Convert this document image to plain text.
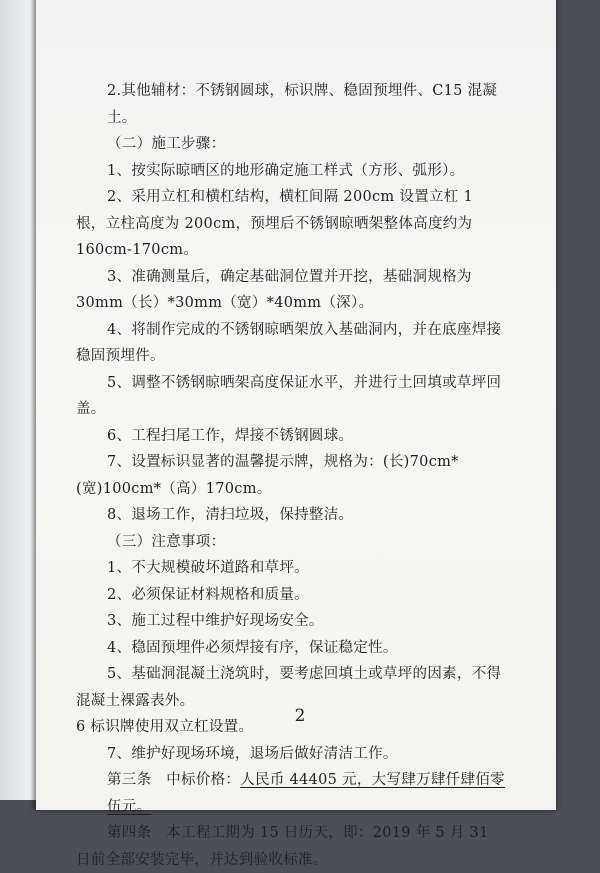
2.其他辅材：不锈钢圆球，标识牌、稳固预埋件、C15 混凝土。

（二）施工步骤：

1、按实际晾晒区的地形确定施工样式（方形、弧形）。

2、采用立杠和横杠结构，横杠间隔 200cm 设置立杠 1 根，立柱高度为 200cm，预埋后不锈钢晾晒架整体高度约为 160cm-170cm。

3、准确测量后，确定基础洞位置并开挖，基础洞规格为 30mm（长）*30mm（宽）*40mm（深）。

4、将制作完成的不锈钢晾晒架放入基础洞内，并在底座焊接稳固预埋件。

5、调整不锈钢晾晒架高度保证水平，并进行土回填或草坪回盖。

6、工程扫尾工作，焊接不锈钢圆球。

7、设置标识显著的温馨提示牌，规格为：(长)70cm*(宽)100cm*（高）170cm。

8、退场工作，清扫垃圾，保持整洁。

（三）注意事项：

1、不大规模破坏道路和草坪。

2、必须保证材料规格和质量。

3、施工过程中维护好现场安全。

4、稳固预埋件必须焊接有序，保证稳定性。

5、基础洞混凝土浇筑时，要考虑回填土或草坪的因素，不得混凝土裸露表外。

6 标识牌使用双立杠设置。

7、维护好现场环境，退场后做好清洁工作。

第三条　 中标价格：人民币 44405 元，大写肆万肆仟肆佰零伍元。

第四条　 本工程工期为 15 日历天，即：2019 年 5 月 31 日前全部安装完毕，并达到验收标准。

2
